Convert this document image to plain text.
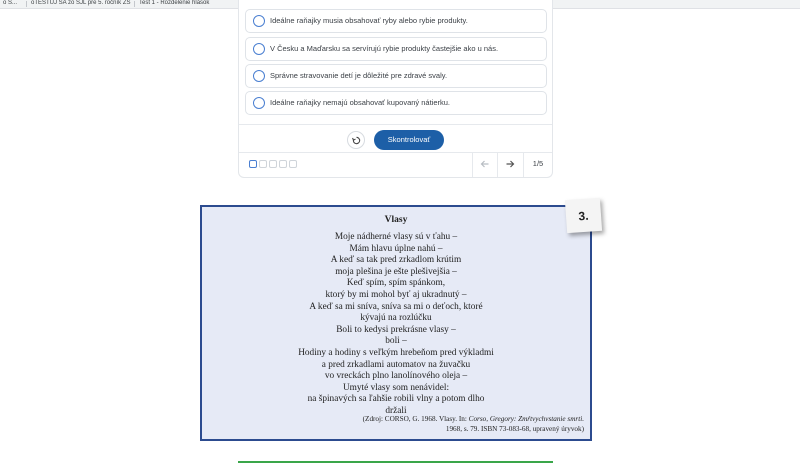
o S...	oTESTUJ SA zo SJL pre 5. ročník ZŠ	Test 1 - Rozdelenie hlások
Ideálne raňajky musia obsahovať ryby alebo rybie produkty.
V Česku a Maďarsku sa servírujú rybie produkty častejšie ako u nás.
Správne stravovanie detí je dôležité pre zdravé svaly.
Ideálne raňajky nemajú obsahovať kupovaný nátierku.
Skontrolovať
1/5
Vlasy
Moje nádherné vlasy sú v ťahu –
Mám hlavu úplne nahú –
A keď sa tak pred zrkadlom krútim
moja plešina je ešte plešivejšia –
Keď spím, spím spánkom,
ktorý by mi mohol byť aj ukradnutý –
A keď sa mi sníva, sníva sa mi o deťoch, ktoré
kývajú na rozlúčku
Boli to kedysi prekrásne vlasy –
boli –
Hodiny a hodiny s veľkým hrebeňom pred výkladmi
a pred zrkadlami automatov na žuvačku
vo vreckách plno lanolínového oleja –
Umyté vlasy som nenávidel:
na špinavých sa ľahšie robili vlny a potom dlho
držali
(Zdroj: CORSO, G. 1968. Vlasy. In: Corso, Gregory: Zmŕtvychvstanie smrti.
1968, s. 79. ISBN 73-083-68, upravený úryvok)
3.
